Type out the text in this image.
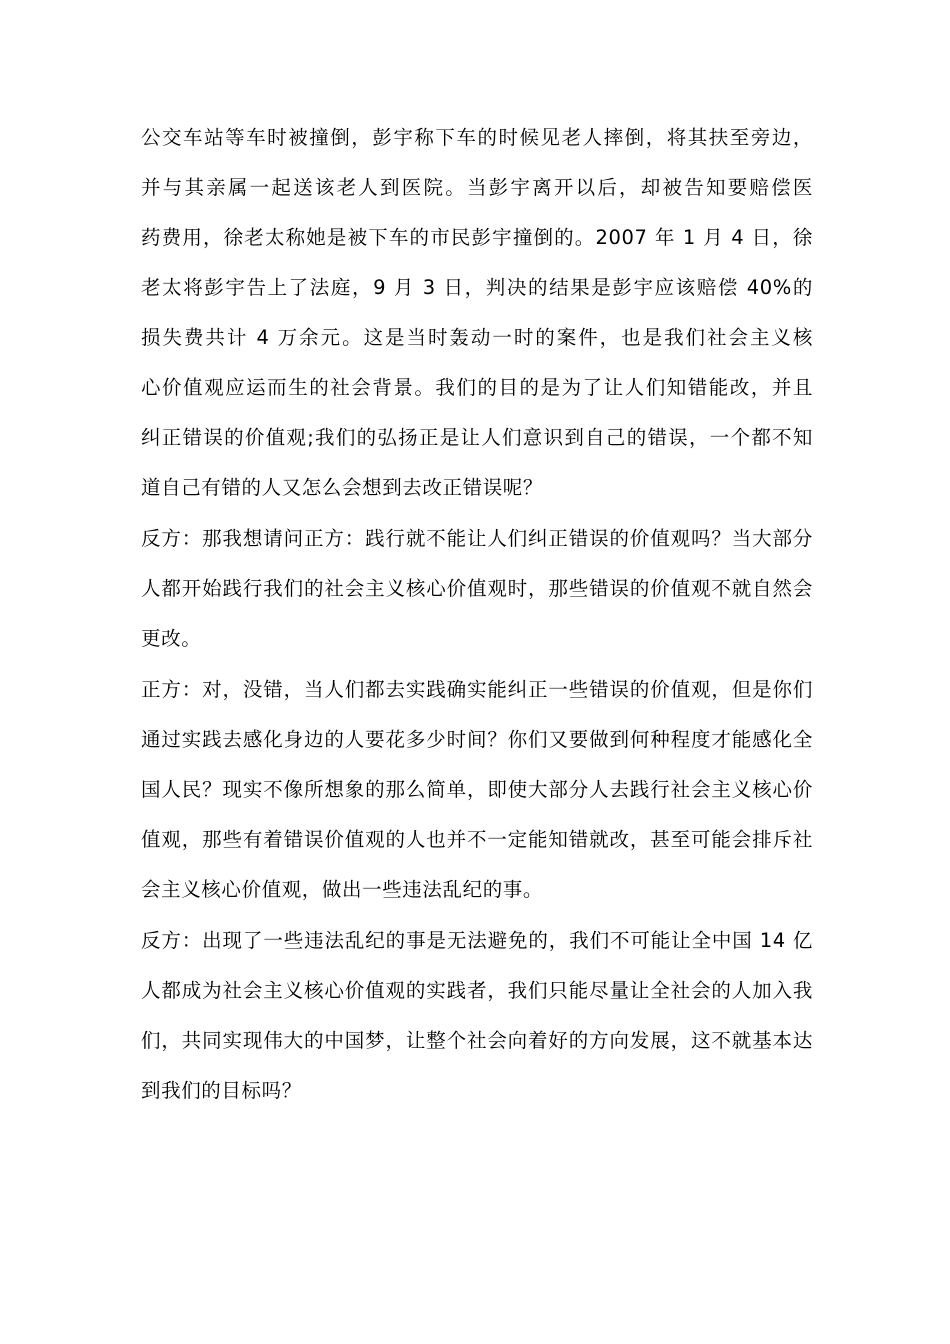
公交车站等车时被撞倒，彭宇称下车的时候见老人摔倒，将其扶至旁边，
并与其亲属一起送该老人到医院。当彭宇离开以后，却被告知要赔偿医
药费用，徐老太称她是被下车的市民彭宇撞倒的。2007 年 1 月 4 日，徐
老太将彭宇告上了法庭，9 月 3 日，判决的结果是彭宇应该赔偿 40%的
损失费共计 4 万余元。这是当时轰动一时的案件，也是我们社会主义核
心价值观应运而生的社会背景。我们的目的是为了让人们知错能改，并且
纠正错误的价值观;我们的弘扬正是让人们意识到自己的错误，一个都不知
道自己有错的人又怎么会想到去改正错误呢？
反方：那我想请问正方：践行就不能让人们纠正错误的价值观吗？当大部分
人都开始践行我们的社会主义核心价值观时，那些错误的价值观不就自然会
更改。
正方：对，没错，当人们都去实践确实能纠正一些错误的价值观，但是你们
通过实践去感化身边的人要花多少时间？你们又要做到何种程度才能感化全
国人民？现实不像所想象的那么简单，即使大部分人去践行社会主义核心价
值观，那些有着错误价值观的人也并不一定能知错就改，甚至可能会排斥社
会主义核心价值观，做出一些违法乱纪的事。
反方：出现了一些违法乱纪的事是无法避免的，我们不可能让全中国 14 亿
人都成为社会主义核心价值观的实践者，我们只能尽量让全社会的人加入我
们，共同实现伟大的中国梦，让整个社会向着好的方向发展，这不就基本达
到我们的目标吗？
